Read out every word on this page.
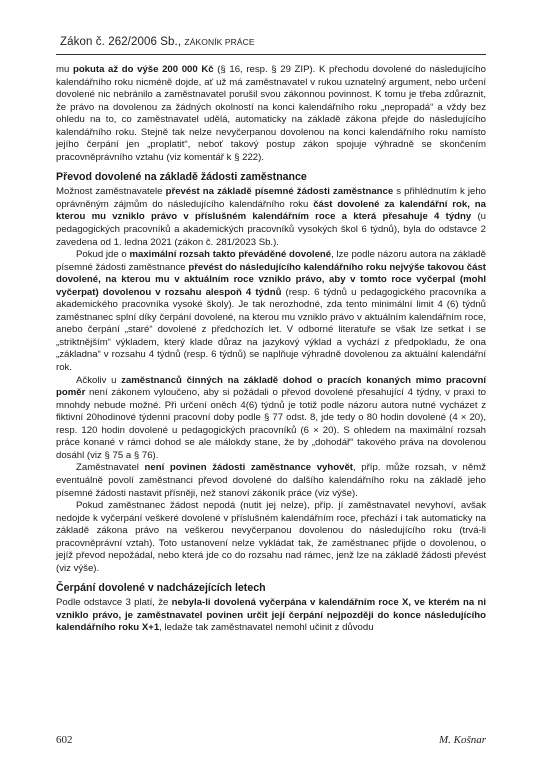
Zákon č. 262/2006 Sb., ZÁKONÍK PRÁCE

mu pokuta až do výše 200 000 Kč (§ 16, resp. § 29 ZIP). K přechodu dovolené do následujícího kalendářního roku nicméně dojde, ať už má zaměstnavatel v rukou uznatelný argument, nebo určení dovolené nic nebránilo a zaměstnavatel porušil svou zákonnou povinnost. K tomu je třeba zdůraznit, že právo na dovolenou za žádných okolností na konci kalendářního roku „nepropadá“ a vždy bez ohledu na to, co zaměstnavatel udělá, automaticky na základě zákona přejde do následujícího kalendářního roku. Stejně tak nelze nevyčerpanou dovolenou na konci kalendářního roku namísto jejího čerpání jen „proplatit“, neboť takový postup zákon spojuje výhradně se skončením pracovněprávního vztahu (viz komentář k § 222).

Převod dovolené na základě žádosti zaměstnance

Možnost zaměstnavatele převést na základě písemné žádosti zaměstnance s přihlédnutím k jeho oprávněným zájmům do následujícího kalendářního roku část dovolené za kalendářní rok, na kterou mu vzniklo právo v příslušném kalendářním roce a která přesahuje 4 týdny (u pedagogických pracovníků a akademických pracovníků vysokých škol 6 týdnů), byla do odstavce 2 zavedena od 1. ledna 2021 (zákon č. 281/2023 Sb.).

Pokud jde o maximální rozsah takto převáděné dovolené, lze podle názoru autora na základě písemné žádosti zaměstnance převést do následujícího kalendářního roku nejvýše takovou část dovolené, na kterou mu v aktuálním roce vzniklo právo, aby v tomto roce vyčerpal (mohl vyčerpat) dovolenou v rozsahu alespoň 4 týdnů (resp. 6 týdnů u pedagogického pracovníka a akademického pracovníka vysoké školy). Je tak nerozhodné, zda tento minimální limit 4 (6) týdnů zaměstnanec splní díky čerpání dovolené, na kterou mu vzniklo právo v aktuálním kalendářním roce, anebo čerpání „staré“ dovolené z předchozích let. V odborné literatuře se však lze setkat i se „striktnějším“ výkladem, který klade důraz na jazykový výklad a vychází z předpokladu, že ona „základna“ v rozsahu 4 týdnů (resp. 6 týdnů) se naplňuje výhradně dovolenou za aktuální kalendářní rok.

Ačkoliv u zaměstnanců činných na základě dohod o pracích konaných mimo pracovní poměr není zákonem vyloučeno, aby si požádali o převod dovolené přesahující 4 týdny, v praxi to mnohdy nebude možné. Při určení oněch 4(6) týdnů je totiž podle názoru autora nutné vycházet z fiktivní 20hodinové týdenní pracovní doby podle § 77 odst. 8, jde tedy o 80 hodin dovolené (4 × 20), resp. 120 hodin dovolené u pedagogických pracovníků (6 × 20). S ohledem na maximální rozsah práce konané v rámci dohod se ale málokdy stane, že by „dohodář“ takového práva na dovolenou dosáhl (viz § 75 a § 76).

Zaměstnavatel není povinen žádosti zaměstnance vyhovět, příp. může rozsah, v němž eventuálně povolí zaměstnanci převod dovolené do dalšího kalendářního roku na základě jeho písemné žádosti nastavit přísněji, než stanoví zákoník práce (viz výše).

Pokud zaměstnanec žádost nepodá (nutit jej nelze), příp. jí zaměstnavatel nevyhoví, avšak nedojde k vyčerpání veškeré dovolené v příslušném kalendářním roce, přechází i tak automaticky na základě zákona právo na veškerou nevyčerpanou dovolenou do následujícího roku (trvá-li pracovněprávní vztah). Toto ustanovení nelze vykládat tak, že zaměstnanec přijde o dovolenou, o jejíž převod nepožádal, nebo která jde co do rozsahu nad rámec, jenž lze na základě žádosti převést (viz výše).

Čerpání dovolené v nadcházejících letech

Podle odstavce 3 platí, že nebyla-li dovolená vyčerpána v kalendářním roce X, ve kterém na ni vzniklo právo, je zaměstnavatel povinen určit její čerpání nejpozději do konce následujícího kalendářního roku X+1, ledaže tak zaměstnavatel nemohl učinit z důvodu

602	M. Košnar
